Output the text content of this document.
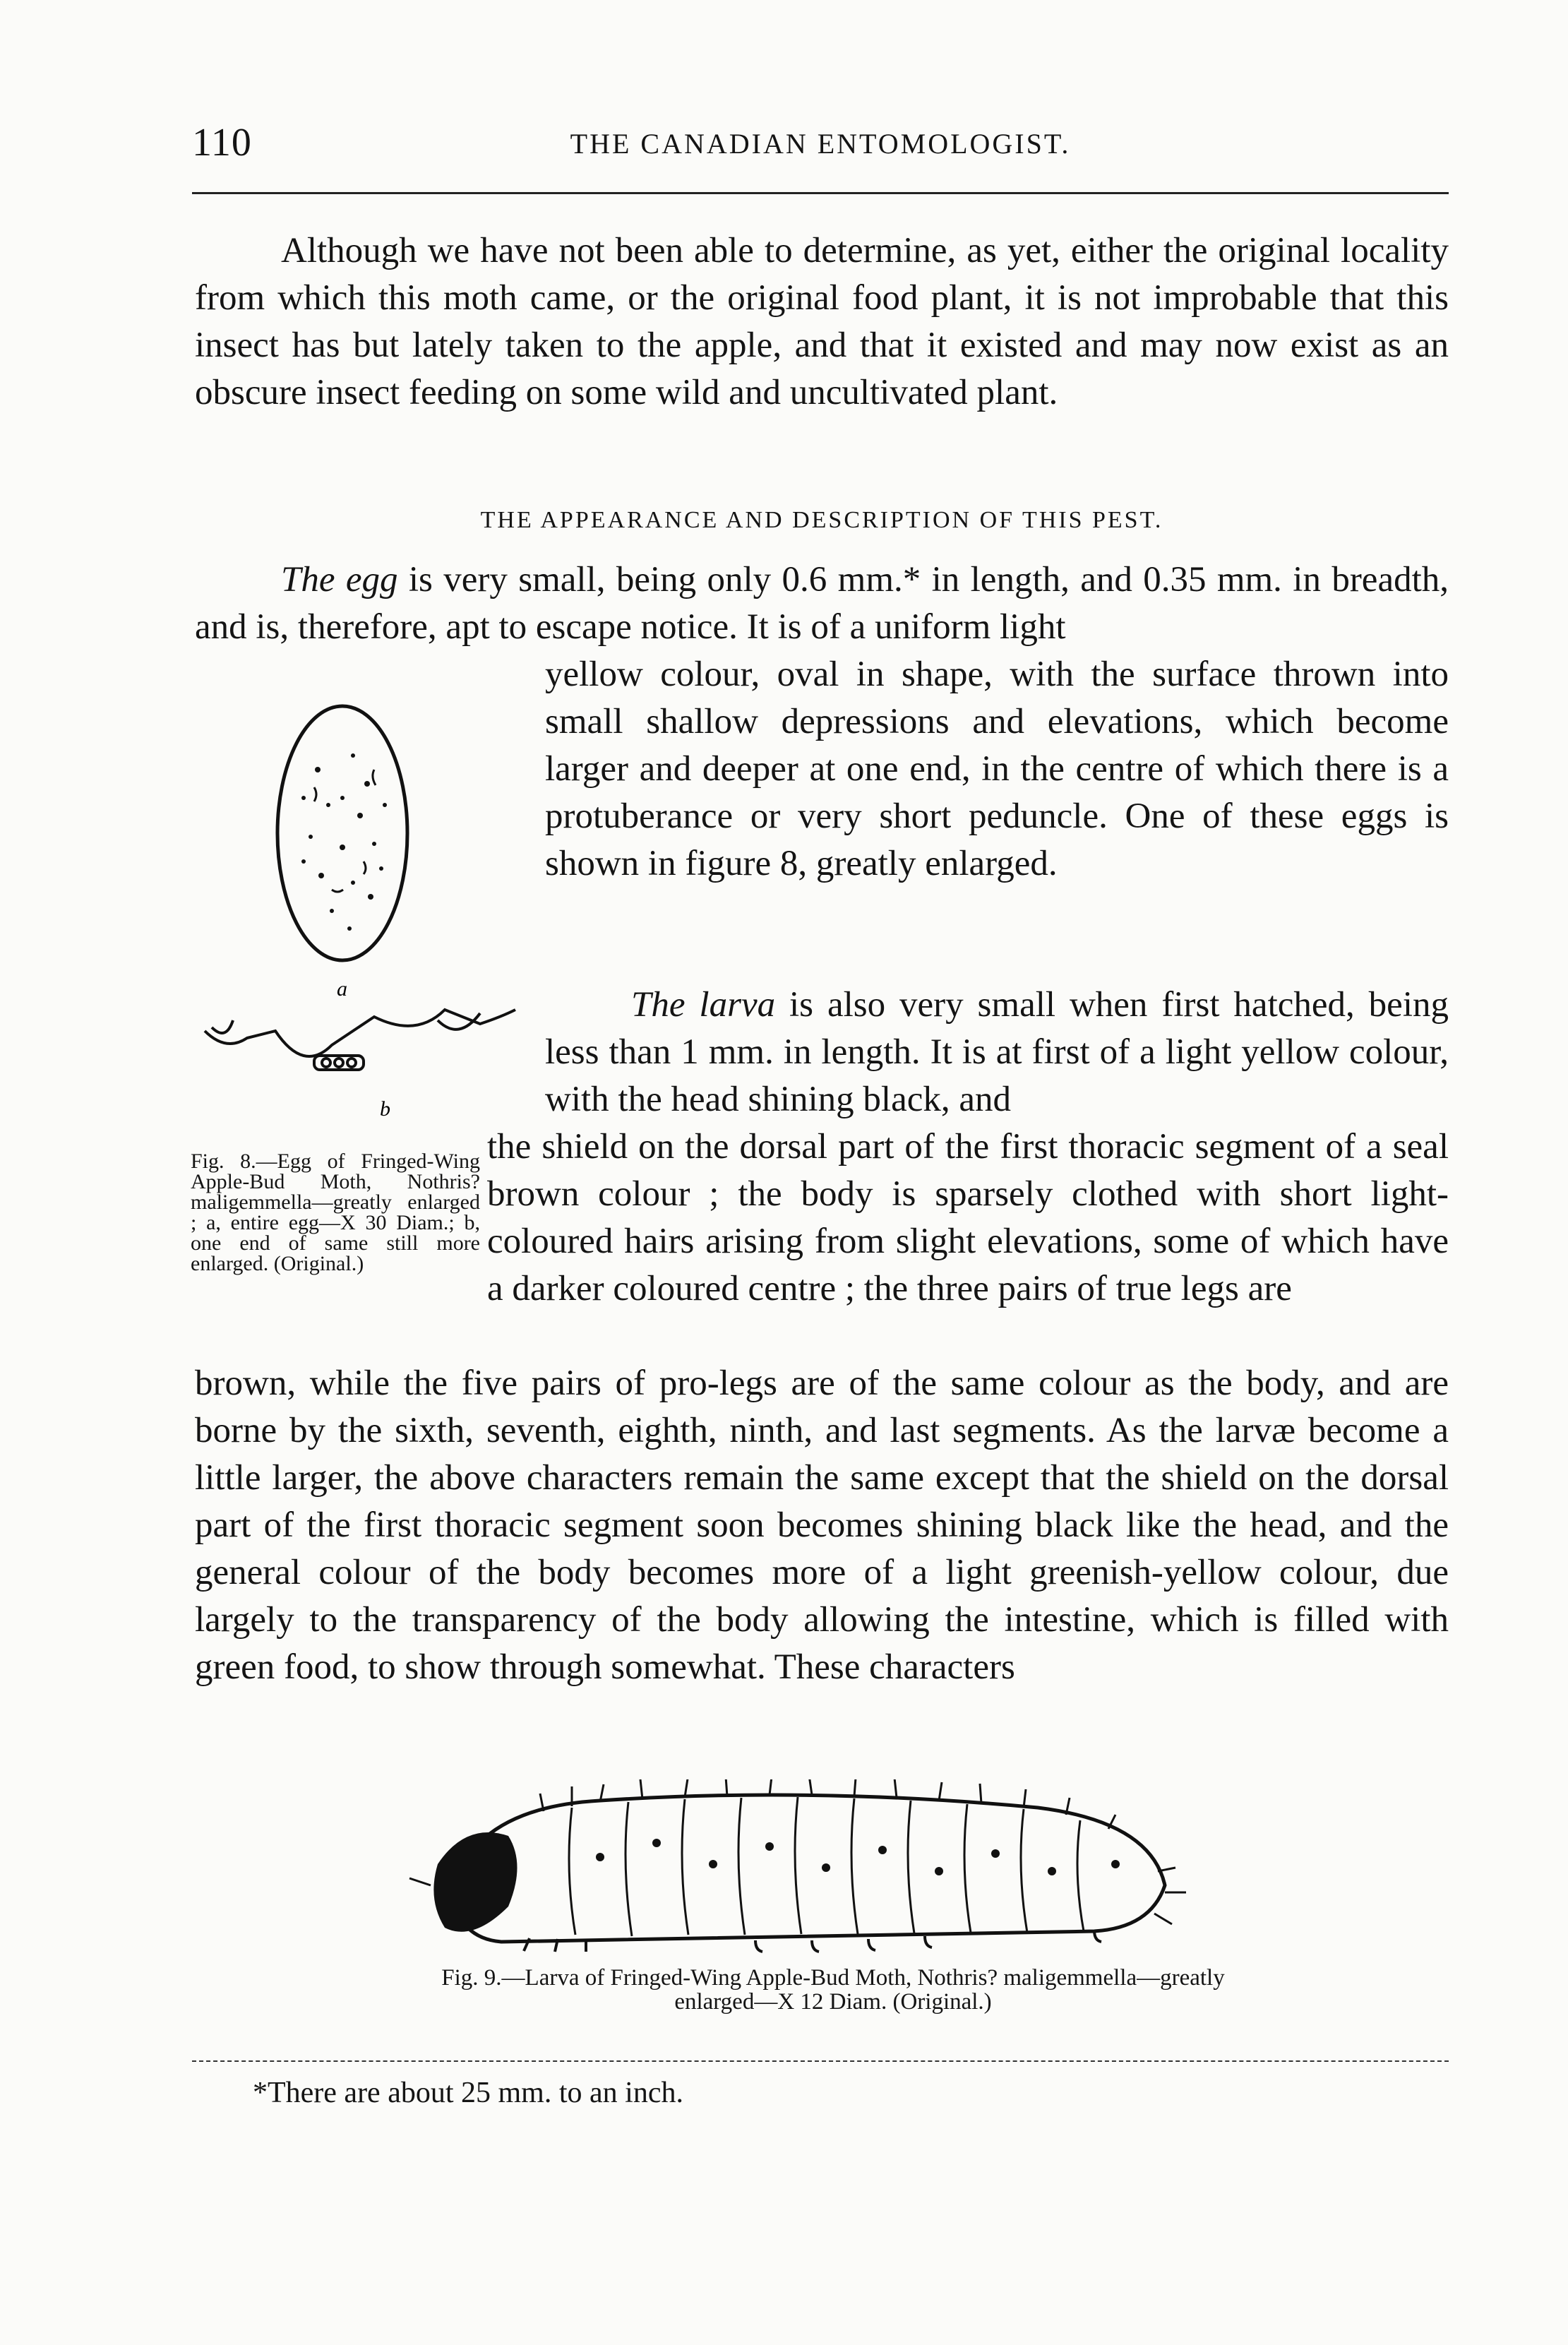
110	THE CANADIAN ENTOMOLOGIST.

Although we have not been able to determine, as yet, either the original locality from which this moth came, or the original food plant, it is not improbable that this insect has but lately taken to the apple, and that it existed and may now exist as an obscure insect feeding on some wild and uncultivated plant.

THE APPEARANCE AND DESCRIPTION OF THIS PEST.

The egg is very small, being only 0.6 mm.* in length, and 0.35 mm. in breadth, and is, therefore, apt to escape notice. It is of a uniform light

yellow colour, oval in shape, with the surface thrown into small shallow depressions and elevations, which become larger and deeper at one end, in the centre of which there is a protuberance or very short peduncle. One of these eggs is shown in figure 8, greatly enlarged.

a
b

The larva is also very small when first hatched, being less than 1 mm. in length. It is at first of a light yellow colour, with the head shining black, and

the shield on the dorsal part of the first thoracic segment of a seal brown colour ; the body is sparsely clothed with short light-coloured hairs arising from slight elevations, some of which have a darker coloured centre ; the three pairs of true legs are

Fig. 8.—Egg of Fringed-Wing Apple-Bud Moth, Nothris? maligemmella—greatly enlarged ; a, entire egg—X 30 Diam.; b, one end of same still more enlarged. (Original.)

brown, while the five pairs of pro-legs are of the same colour as the body, and are borne by the sixth, seventh, eighth, ninth, and last segments. As the larvæ become a little larger, the above characters remain the same except that the shield on the dorsal part of the first thoracic segment soon becomes shining black like the head, and the general colour of the body becomes more of a light greenish-yellow colour, due largely to the transparency of the body allowing the intestine, which is filled with green food, to show through somewhat. These characters

Fig. 9.—Larva of Fringed-Wing Apple-Bud Moth, Nothris? maligemmella—greatly enlarged—X 12 Diam. (Original.)

*There are about 25 mm. to an inch.
